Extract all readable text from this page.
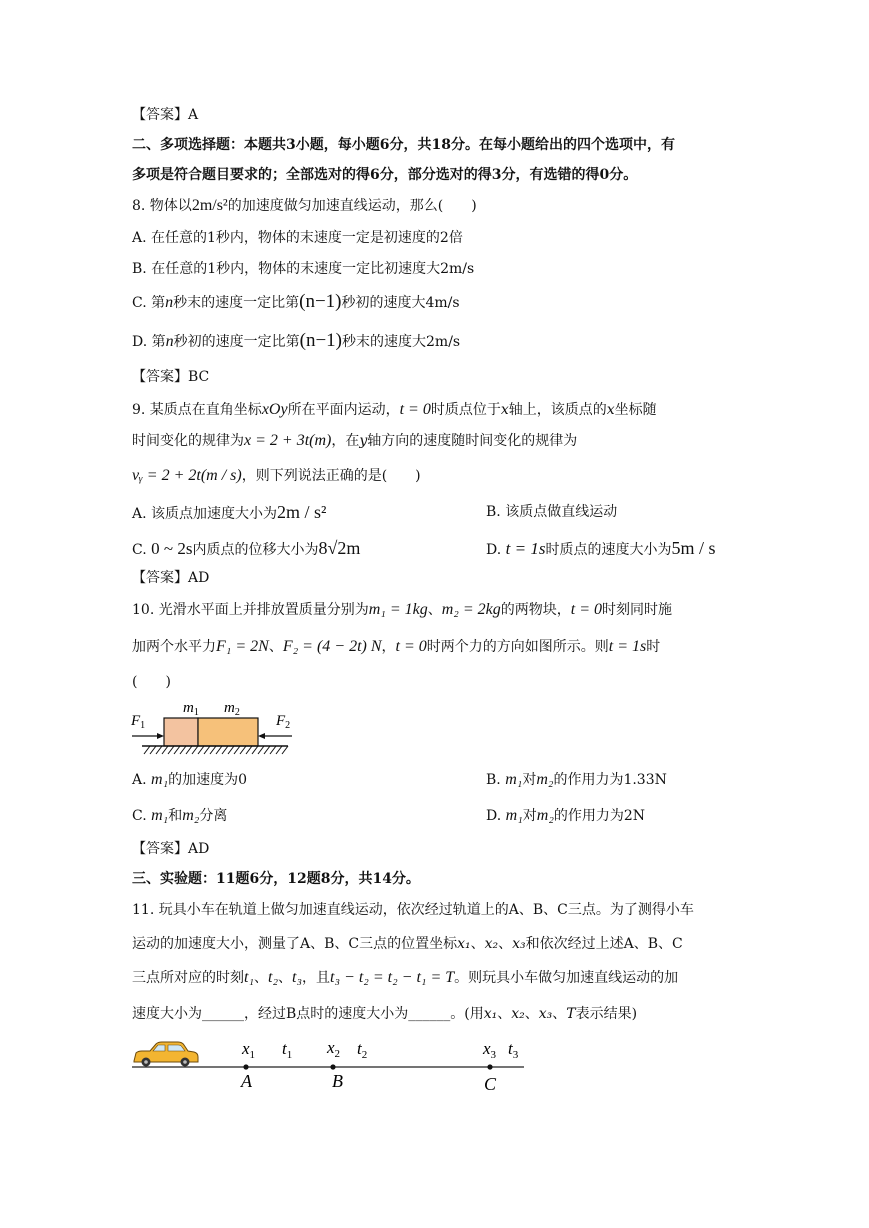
【答案】A
二、多项选择题：本题共3小题，每小题6分，共18分。在每小题给出的四个选项中，有
多项是符合题目要求的；全部选对的得6分，部分选对的得3分，有选错的得0分。
8. 物体以2m/s²的加速度做匀加速直线运动，那么(　　)
A. 在任意的1秒内，物体的末速度一定是初速度的2倍
B. 在任意的1秒内，物体的末速度一定比初速度大2m/s
C. 第n秒末的速度一定比第(n−1)秒初的速度大4m/s
D. 第n秒初的速度一定比第(n−1)秒末的速度大2m/s
【答案】BC
9. 某质点在直角坐标xOy所在平面内运动，t = 0时质点位于x轴上，该质点的x坐标随
时间变化的规律为x = 2 + 3t(m)，在y轴方向的速度随时间变化的规律为
vᵧ = 2 + 2t(m / s)，则下列说法正确的是(　　)
A. 该质点加速度大小为2m / s²	B. 该质点做直线运动
C. 0 ~ 2s内质点的位移大小为8√2m	D. t = 1s时质点的速度大小为5m / s
【答案】AD
10. 光滑水平面上并排放置质量分别为m₁ = 1kg、m₂ = 2kg的两物块，t = 0时刻同时施
加两个水平力F₁ = 2N、F₂ = (4 − 2t) N，t = 0时两个力的方向如图所示。则t = 1s时
(　　)
$m_1$ $m_2$
$F_1$	$F_2$
A. m₁的加速度为0	B. m₁对m₂的作用力为1.33N
C. m₁和m₂分离	D. m₁对m₂的作用力为2N
【答案】AD
三、实验题：11题6分，12题8分，共14分。
11. 玩具小车在轨道上做匀加速直线运动，依次经过轨道上的A、B、C三点。为了测得小车
运动的加速度大小，测量了A、B、C三点的位置坐标x₁、x₂、x₃和依次经过上述A、B、C
三点所对应的时刻t₁、t₂、t₃，且t₃ − t₂ = t₂ − t₁ = T。则玩具小车做匀加速直线运动的加
速度大小为______，经过B点时的速度大小为______。(用x₁、x₂、x₃、T表示结果)
$x_1$ $t_1$ $x_2$ $t_2$	$x_3$ $t_3$
A	B	C
